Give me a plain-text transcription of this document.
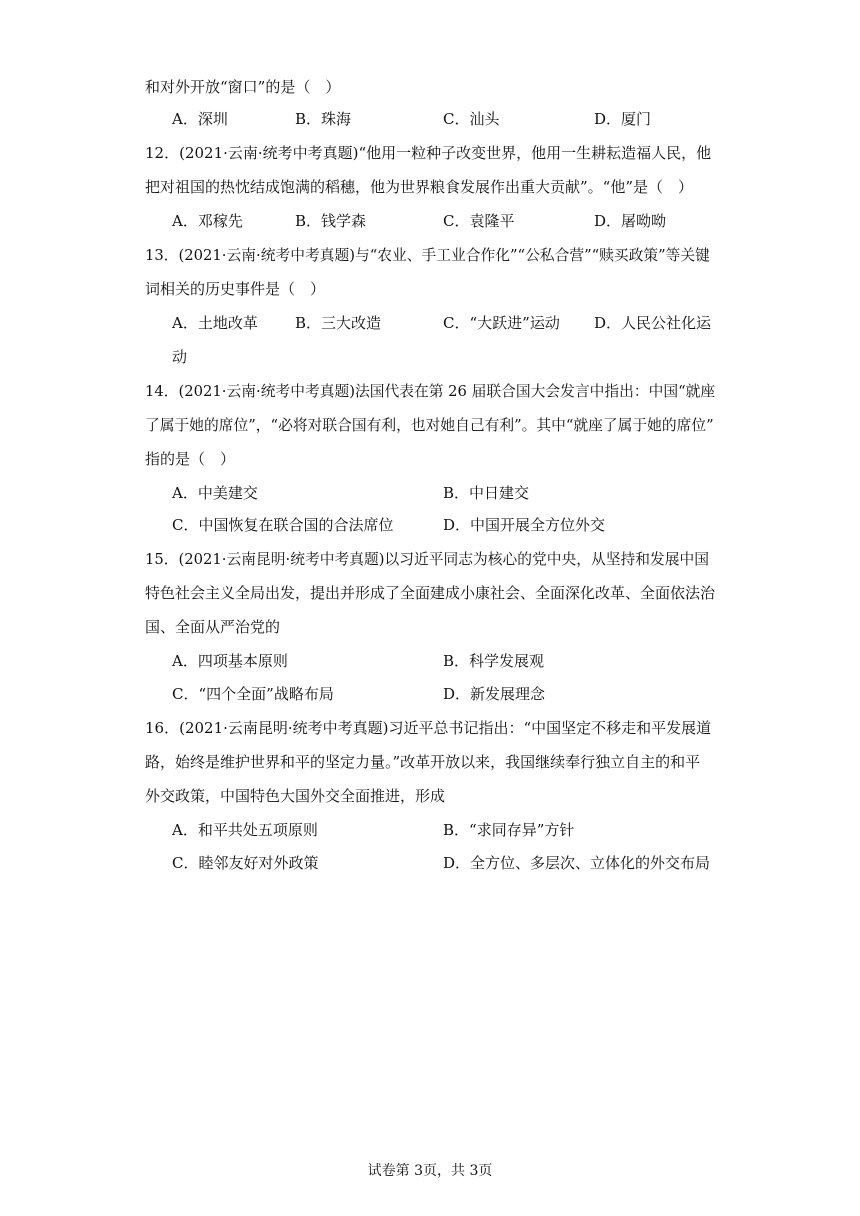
和对外开放“窗口”的是（　）
A．深圳	B．珠海	C．汕头	D．厦门
12．(2021·云南·统考中考真题)“他用一粒种子改变世界，他用一生耕耘造福人民，他
把对祖国的热忱结成饱满的稻穗，他为世界粮食发展作出重大贡献”。“他”是（　）
A．邓稼先	B．钱学森	C．袁隆平	D．屠呦呦
13．(2021·云南·统考中考真题)与“农业、手工业合作化”“公私合营”“赎买政策”等关键
词相关的历史事件是（　）
A．土地改革 B．三大改造	C．“大跃进”运动 D．人民公社化运
动
14．(2021·云南·统考中考真题)法国代表在第 26 届联合国大会发言中指出：中国“就座
了属于她的席位”，“必将对联合国有利，也对她自己有利”。其中“就座了属于她的席位”
指的是（　）
A．中美建交	B．中日建交
C．中国恢复在联合国的合法席位	D．中国开展全方位外交
15．(2021·云南昆明·统考中考真题)以习近平同志为核心的党中央，从坚持和发展中国
特色社会主义全局出发，提出并形成了全面建成小康社会、全面深化改革、全面依法治
国、全面从严治党的
A．四项基本原则	B．科学发展观
C．“四个全面”战略布局	D．新发展理念
16．(2021·云南昆明·统考中考真题)习近平总书记指出：“中国坚定不移走和平发展道
路，始终是维护世界和平的坚定力量。”改革开放以来，我国继续奉行独立自主的和平
外交政策，中国特色大国外交全面推进，形成
A．和平共处五项原则	B．“求同存异”方针
C．睦邻友好对外政策	D．全方位、多层次、立体化的外交布局
试卷第 3页，共 3页
